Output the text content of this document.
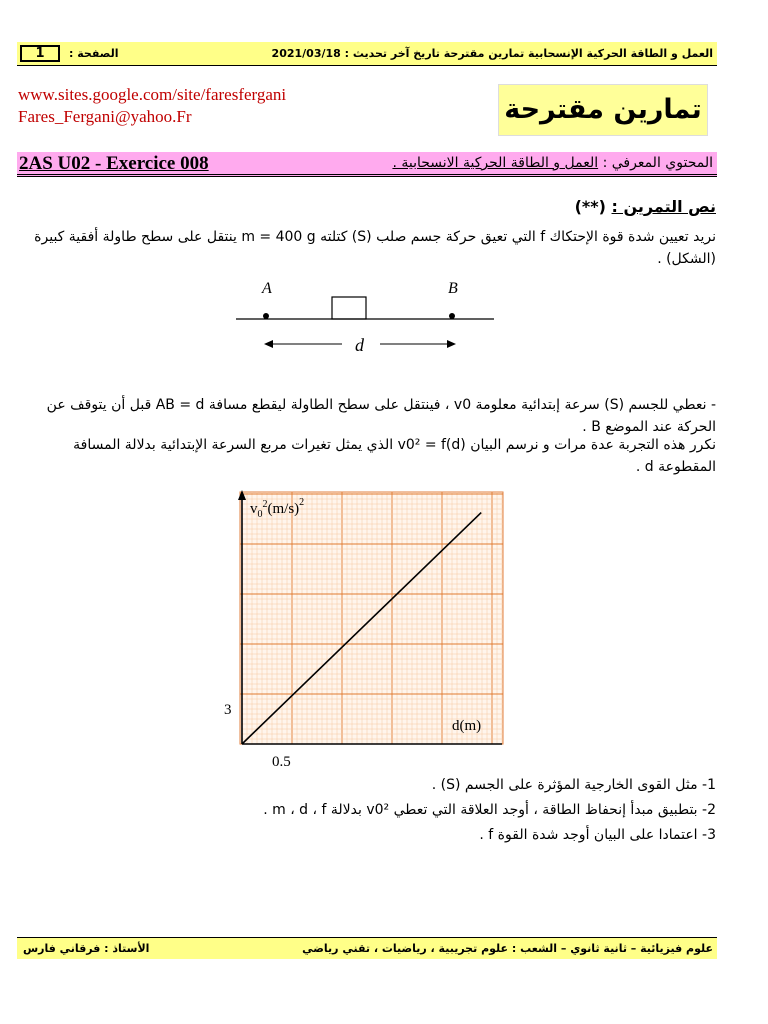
1	الصفحة :	العمل و الطاقة الحركية الإنسحابية تمارين مقترحة تاريخ آخر تحديث : 2021/03/18
www.sites.google.com/site/faresfergani
Fares_Fergani@yahoo.Fr	تمارين مقترحة
2AS U02 - Exercice 008	المحتوي المعرفي : العمل و الطاقة الحركية الانسحابية .
نص التمرين : (**)
نريد تعيين شدة قوة الإحتكاك f التي تعيق حركة جسم صلب (S) كتلته m = 400 g ينتقل على سطح طاولة أفقية كبيرة (الشكل) .
A	B
d
- نعطي للجسم (S) سرعة إبتدائية معلومة v0 ، فينتقل على سطح الطاولة ليقطع مسافة AB = d قبل أن يتوقف عن الحركة عند الموضع B .
نكرر هذه التجربة عدة مرات و نرسم البيان v0² = f(d) الذي يمثل تغيرات مربع السرعة الإبتدائية بدلالة المسافة المقطوعة d .
$v_0^2(m/s)^2$
d(m)
3
0.5
1- مثل القوى الخارجية المؤثرة على الجسم (S) .
2- بتطبيق مبدأ إنحفاظ الطاقة ، أوجد العلاقة التي تعطي v0² بدلالة m ، d ، f .
3- اعتمادا على البيان أوجد شدة القوة f .
الأستاذ : فرقاني فارس	علوم فيزيائية – ثانية ثانوي – الشعب : علوم تجريبية ، رياضيات ، تقني رياضي
